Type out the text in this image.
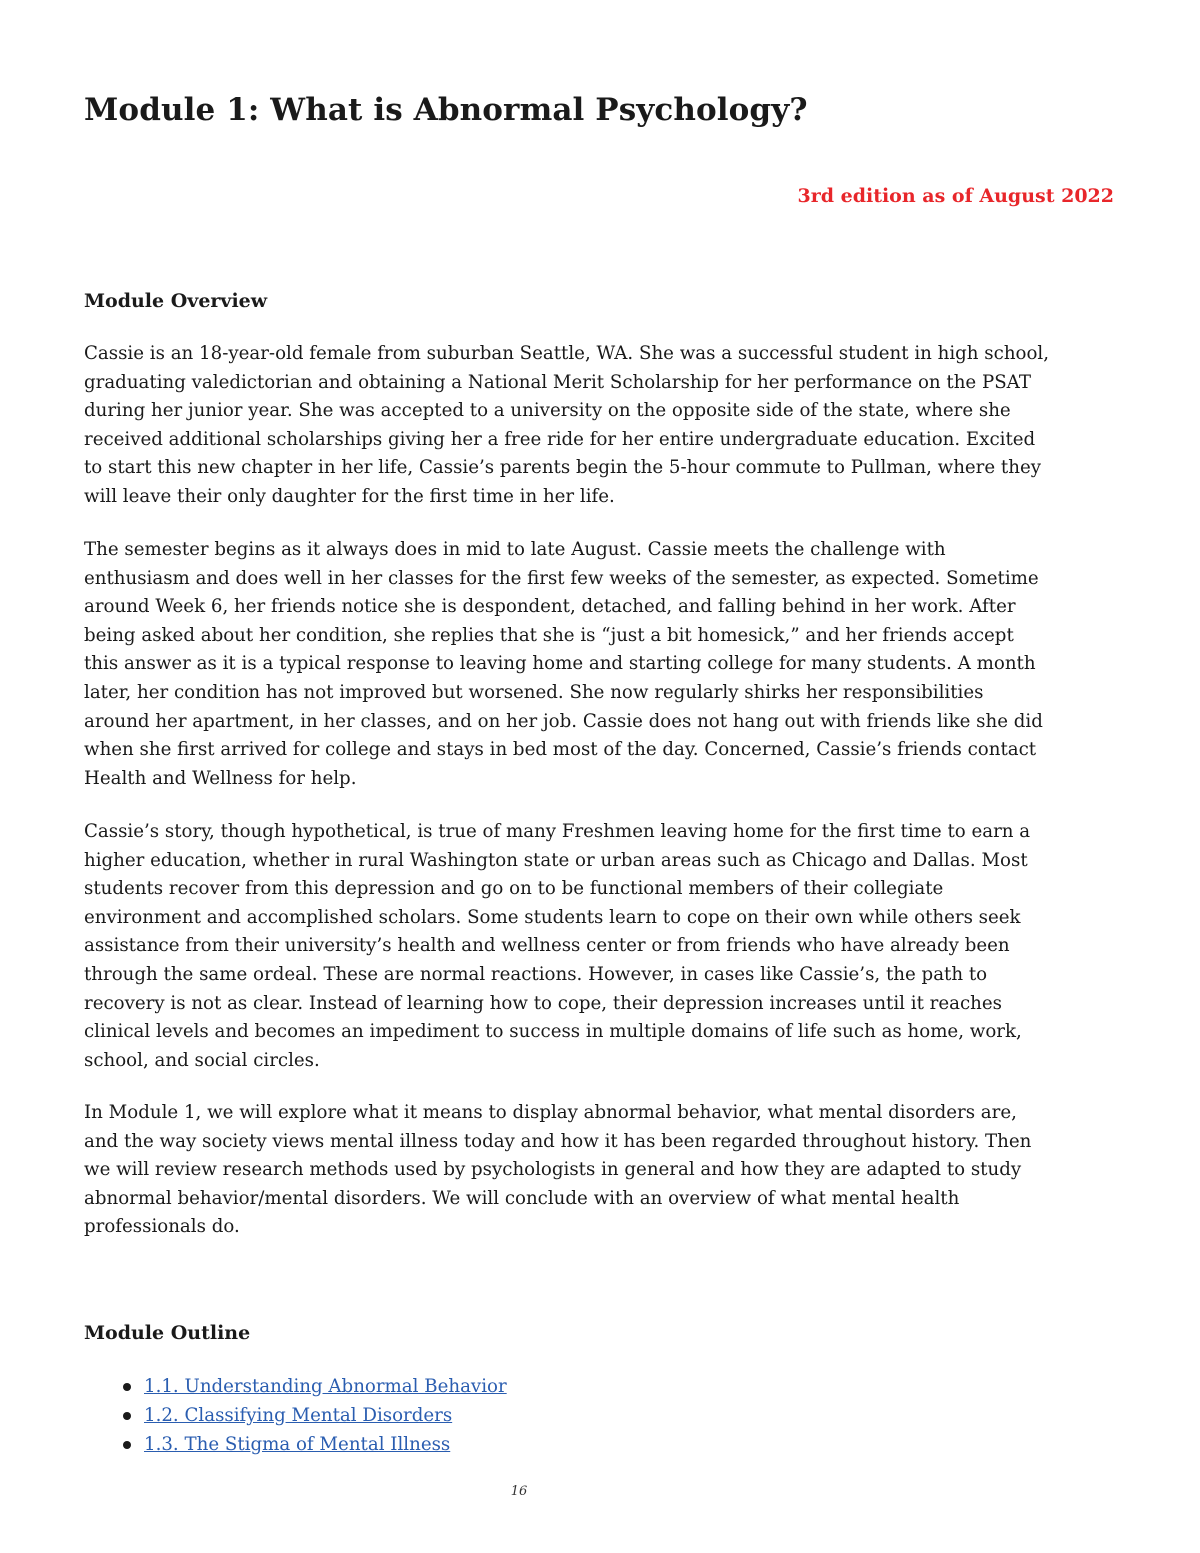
Module 1: What is Abnormal Psychology?
3rd edition as of August 2022
Module Overview

Cassie is an 18-year-old female from suburban Seattle, WA. She was a successful student in high school,
graduating valedictorian and obtaining a National Merit Scholarship for her performance on the PSAT
during her junior year. She was accepted to a university on the opposite side of the state, where she
received additional scholarships giving her a free ride for her entire undergraduate education. Excited
to start this new chapter in her life, Cassie’s parents begin the 5-hour commute to Pullman, where they
will leave their only daughter for the first time in her life.

The semester begins as it always does in mid to late August. Cassie meets the challenge with
enthusiasm and does well in her classes for the first few weeks of the semester, as expected. Sometime
around Week 6, her friends notice she is despondent, detached, and falling behind in her work. After
being asked about her condition, she replies that she is “just a bit homesick,” and her friends accept
this answer as it is a typical response to leaving home and starting college for many students. A month
later, her condition has not improved but worsened. She now regularly shirks her responsibilities
around her apartment, in her classes, and on her job. Cassie does not hang out with friends like she did
when she first arrived for college and stays in bed most of the day. Concerned, Cassie’s friends contact
Health and Wellness for help.

Cassie’s story, though hypothetical, is true of many Freshmen leaving home for the first time to earn a
higher education, whether in rural Washington state or urban areas such as Chicago and Dallas. Most
students recover from this depression and go on to be functional members of their collegiate
environment and accomplished scholars. Some students learn to cope on their own while others seek
assistance from their university’s health and wellness center or from friends who have already been
through the same ordeal. These are normal reactions. However, in cases like Cassie’s, the path to
recovery is not as clear. Instead of learning how to cope, their depression increases until it reaches
clinical levels and becomes an impediment to success in multiple domains of life such as home, work,
school, and social circles.

In Module 1, we will explore what it means to display abnormal behavior, what mental disorders are,
and the way society views mental illness today and how it has been regarded throughout history. Then
we will review research methods used by psychologists in general and how they are adapted to study
abnormal behavior/mental disorders. We will conclude with an overview of what mental health
professionals do.

Module Outline
1.1. Understanding Abnormal Behavior
1.2. Classifying Mental Disorders
1.3. The Stigma of Mental Illness
16
